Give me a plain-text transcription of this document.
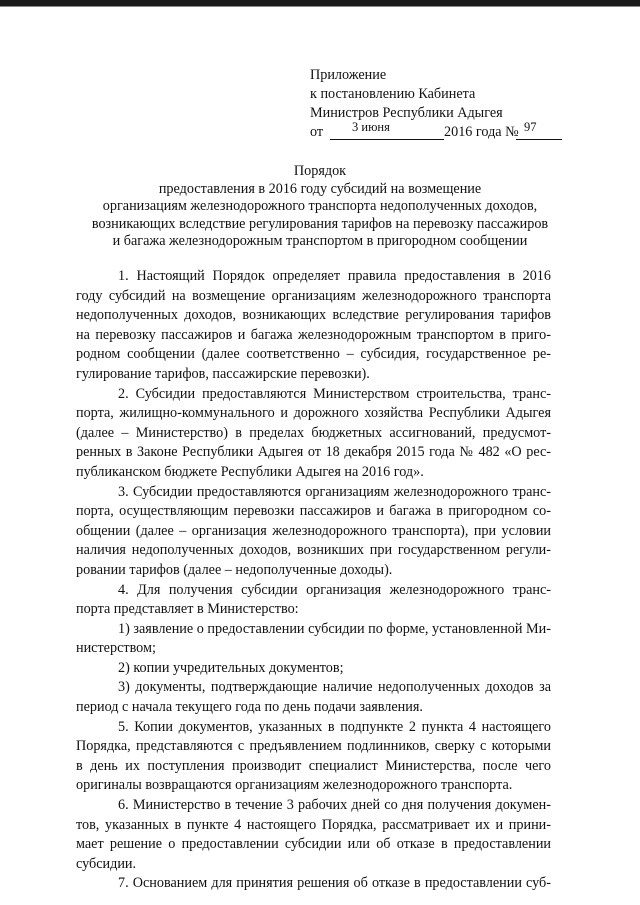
Приложение
к постановлению Кабинета
Министров Республики Адыгея
от 3 июня	2016 года № 97
Порядок
предоставления в 2016 году субсидий на возмещение
организациям железнодорожного транспорта недополученных доходов,
возникающих вследствие регулирования тарифов на перевозку пассажиров
и багажа железнодорожным транспортом в пригородном сообщении
1. Настоящий Порядок определяет правила предоставления в 2016
году субсидий на возмещение организациям железнодорожного транспорта
недополученных доходов, возникающих вследствие регулирования тарифов
на перевозку пассажиров и багажа железнодорожным транспортом в приго-
родном сообщении (далее соответственно – субсидия, государственное ре-
гулирование тарифов, пассажирские перевозки).
2. Субсидии предоставляются Министерством строительства, транс-
порта, жилищно-коммунального и дорожного хозяйства Республики Адыгея
(далее – Министерство) в пределах бюджетных ассигнований, предусмот-
ренных в Законе Республики Адыгея от 18 декабря 2015 года № 482 «О рес-
публиканском бюджете Республики Адыгея на 2016 год».
3. Субсидии предоставляются организациям железнодорожного транс-
порта, осуществляющим перевозки пассажиров и багажа в пригородном со-
общении (далее – организация железнодорожного транспорта), при условии
наличия недополученных доходов, возникших при государственном регули-
ровании тарифов (далее – недополученные доходы).
4. Для получения субсидии организация железнодорожного транс-
порта представляет в Министерство:
1) заявление о предоставлении субсидии по форме, установленной Ми-
нистерством;
2) копии учредительных документов;
3) документы, подтверждающие наличие недополученных доходов за
период с начала текущего года по день подачи заявления.
5. Копии документов, указанных в подпункте 2 пункта 4 настоящего
Порядка, представляются с предъявлением подлинников, сверку с которыми
в день их поступления производит специалист Министерства, после чего
оригиналы возвращаются организациям железнодорожного транспорта.
6. Министерство в течение 3 рабочих дней со дня получения докумен-
тов, указанных в пункте 4 настоящего Порядка, рассматривает их и прини-
мает решение о предоставлении субсидии или об отказе в предоставлении
субсидии.
7. Основанием для принятия решения об отказе в предоставлении суб-
